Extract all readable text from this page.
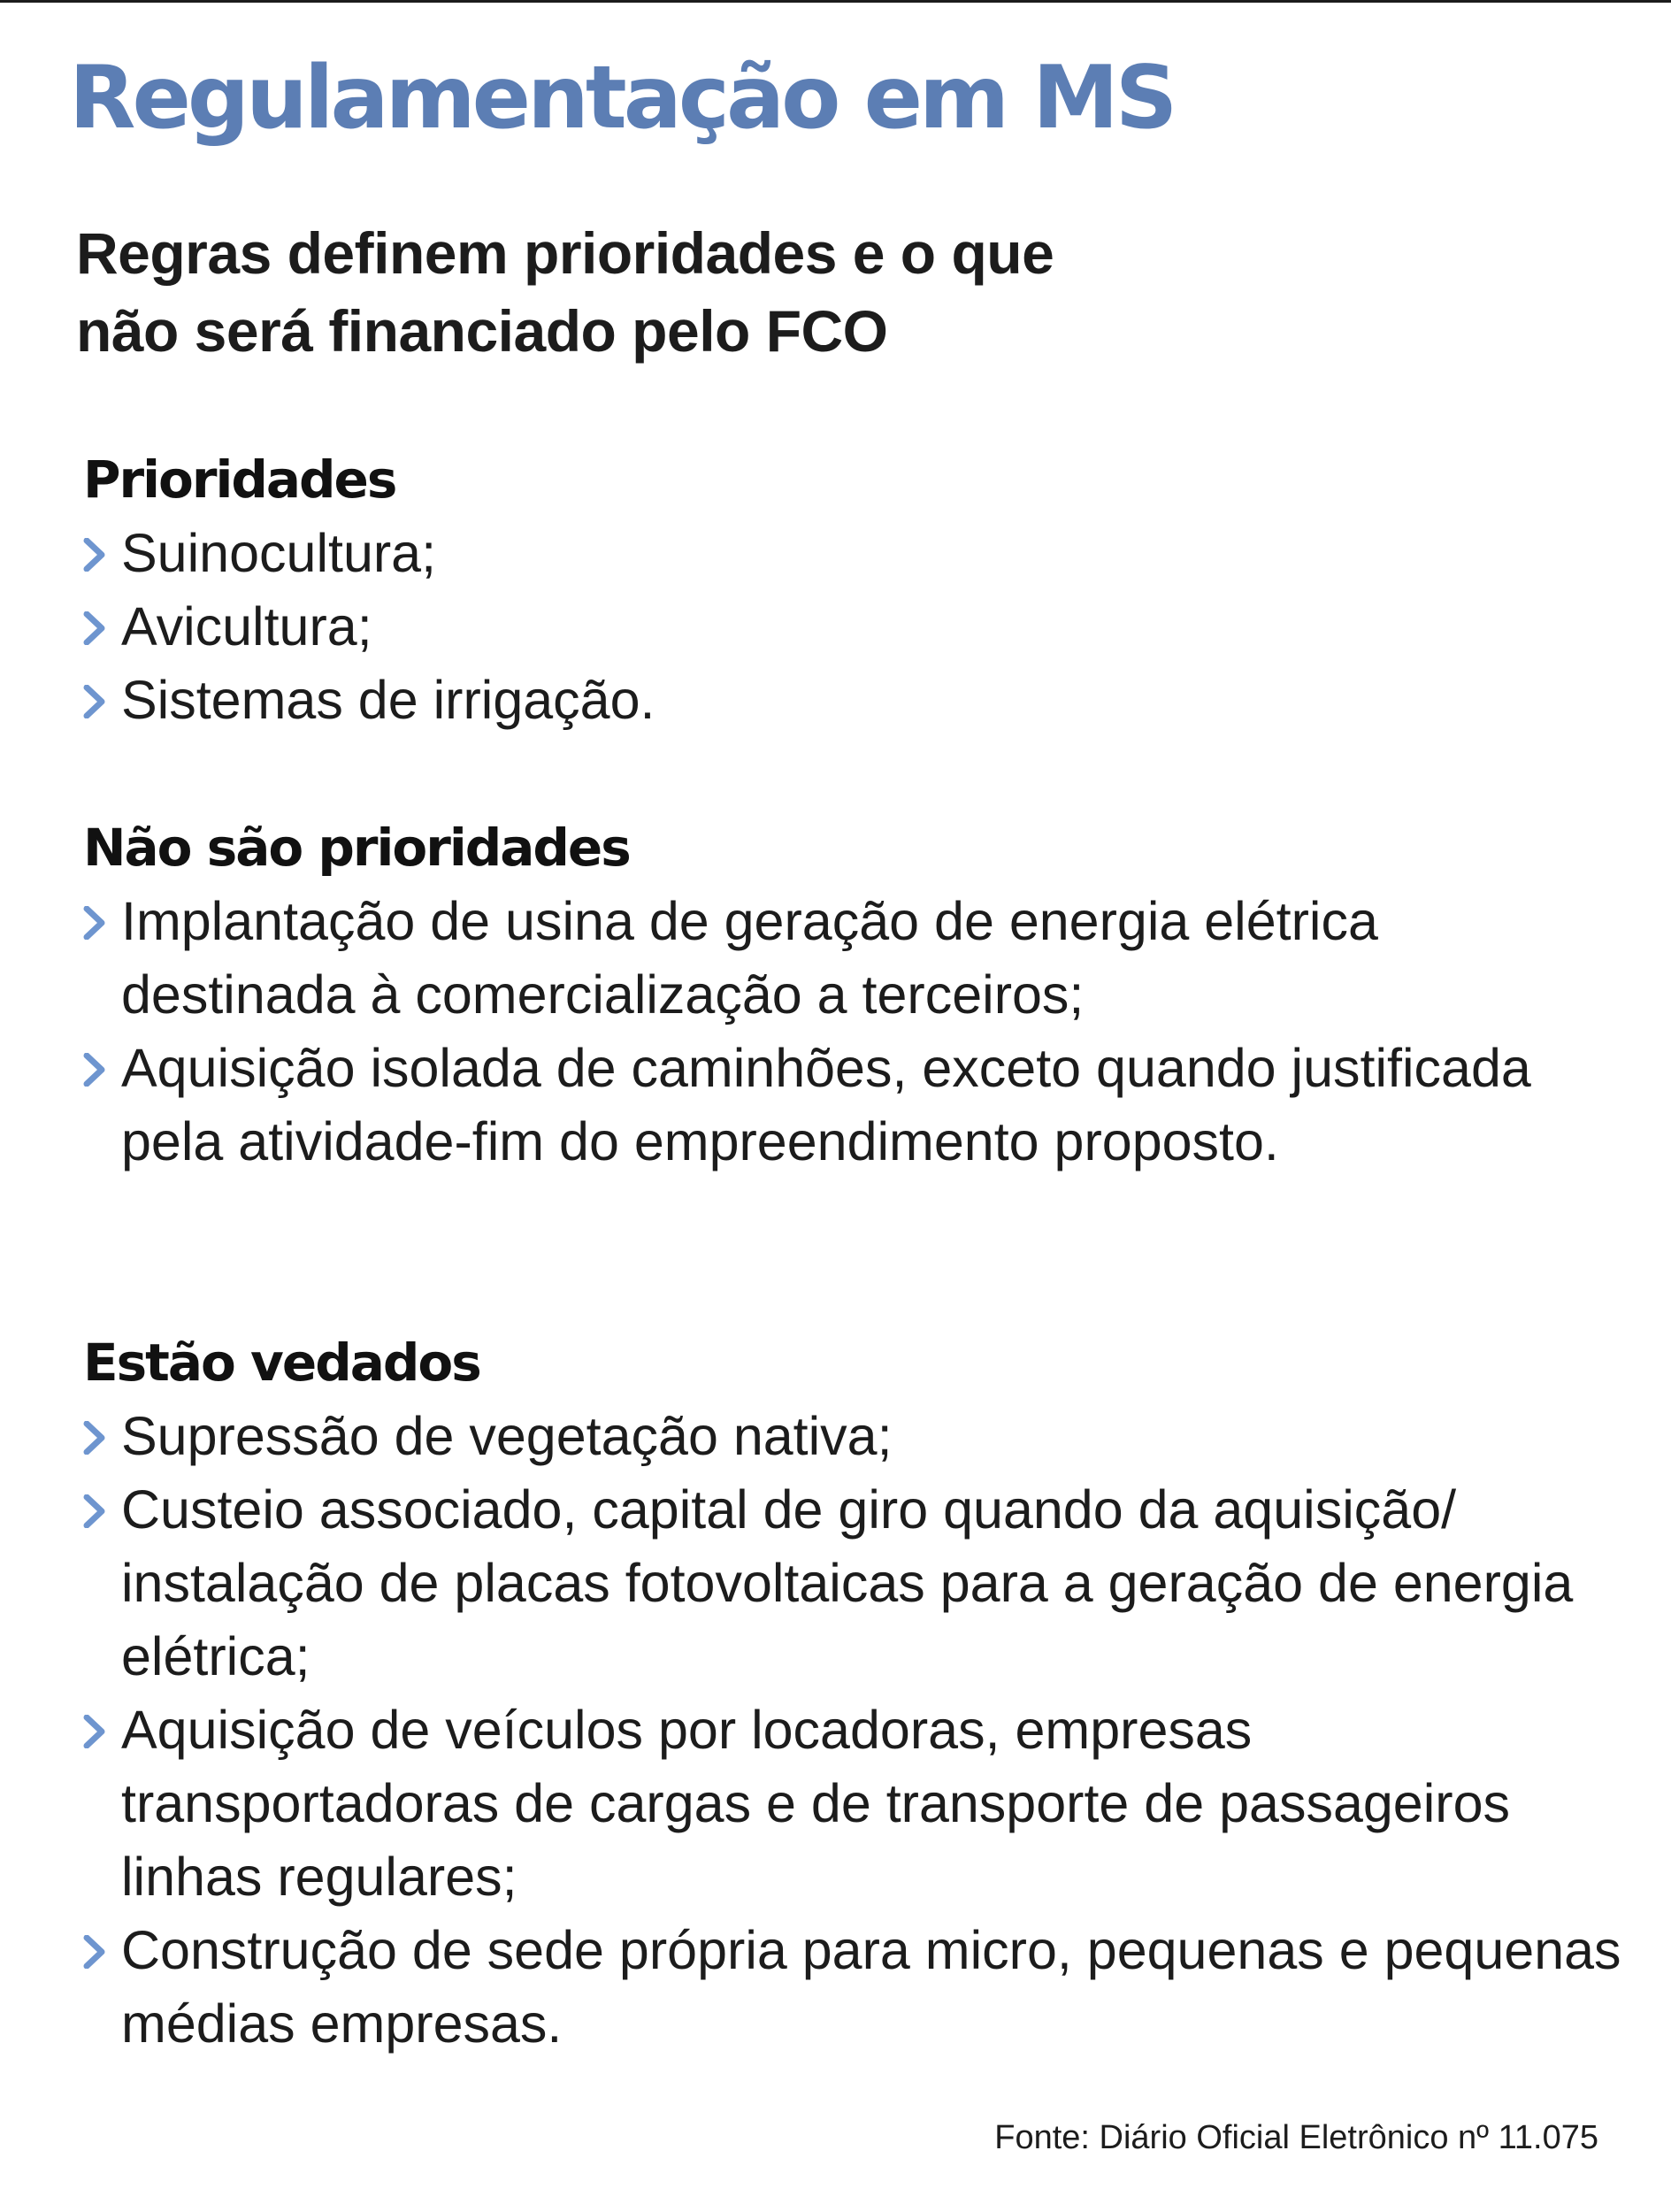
Regulamentação em MS

Regras definem prioridades e o que
não será financiado pelo FCO

Prioridades
Suinocultura;
Avicultura;
Sistemas de irrigação.
Não são prioridades
Implantação de usina de geração de energia elétrica destinada à comercialização a terceiros;
Aquisição isolada de caminhões, exceto quando justificada pela atividade-fim do empreendimento proposto.
Estão vedados
Supressão de vegetação nativa;
Custeio associado, capital de giro quando da aquisição/ instalação de placas fotovoltaicas para a geração de energia elétrica;
Aquisição de veículos por locadoras, empresas transportadoras de cargas e de transporte de passageiros linhas regulares;
Construção de sede própria para micro, pequenas e pequenas médias empresas.

Fonte: Diário Oficial Eletrônico nº 11.075
